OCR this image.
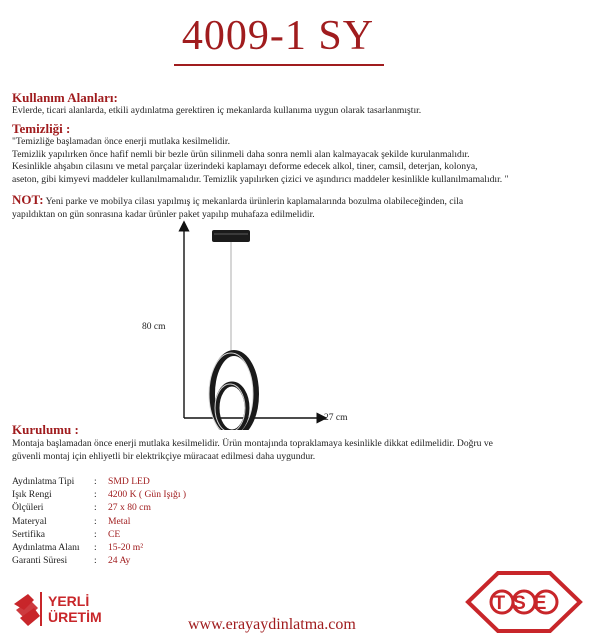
4009-1 SY
Kullanım Alanları:
Evlerde, ticari alanlarda, etkili aydınlatma gerektiren iç mekanlarda kullanıma uygun olarak tasarlanmıştır.
Temizliği :
"Temizliğe başlamadan önce enerji mutlaka kesilmelidir.
Temizlik yapılırken önce hafif nemli bir bezle ürün silinmeli daha sonra nemli alan kalmayacak şekilde kurulanmalıdır.
Kesinlikle ahşabın cilasını ve metal parçalar üzerindeki kaplamayı deforme edecek alkol, tiner, camsil, deterjan, kolonya,
aseton, gibi kimyevi maddeler kullanılmamalıdır. Temizlik yapılırken çizici ve aşındırıcı maddeler kesinlikle kullanılmamalıdır. "
NOT: Yeni parke ve mobilya cilası yapılmış iç mekanlarda ürünlerin kaplamalarında bozulma olabileceğinden, cila
yapıldıktan on gün sonrasına kadar ürünler paket yapılıp muhafaza edilmelidir.
80 cm
27 cm
Kurulumu :
Montaja başlamadan önce enerji mutlaka kesilmelidir. Ürün montajında topraklamaya kesinlikle dikkat edilmelidir. Doğru ve
güvenli montaj için ehliyetli bir elektrikçiye müracaat edilmesi daha uygundur.
Aydınlatma Tipi : SMD LED
Işık Rengi	: 4200 K ( Gün Işığı )
Ölçüleri	: 27 x 80 cm
Materyal	: Metal
Sertifika	: CE
Aydınlatma Alanı : 15-20 m²
Garanti Süresi	: 24 Ay
YERLİ
ÜRETİM	www.erayaydinlatma.com
TSE
